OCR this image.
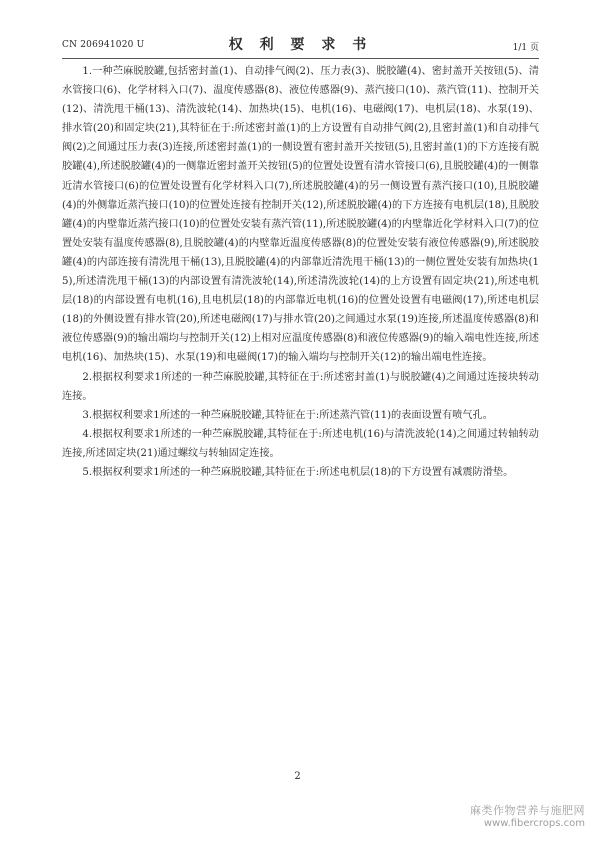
CN 206941020 U	权 利 要 求 书	1/1 页

1.一种苎麻脱胶罐,包括密封盖(1)、自动排气阀(2)、压力表(3)、脱胶罐(4)、密封盖开关按钮(5)、清水管接口(6)、化学材料入口(7)、温度传感器(8)、液位传感器(9)、蒸汽接口(10)、蒸汽管(11)、控制开关(12)、清洗甩干桶(13)、清洗波轮(14)、加热块(15)、电机(16)、电磁阀(17)、电机层(18)、水泵(19)、排水管(20)和固定块(21),其特征在于:所述密封盖(1)的上方设置有自动排气阀(2),且密封盖(1)和自动排气阀(2)之间通过压力表(3)连接,所述密封盖(1)的一侧设置有密封盖开关按钮(5),且密封盖(1)的下方连接有脱胶罐(4),所述脱胶罐(4)的一侧靠近密封盖开关按钮(5)的位置处设置有清水管接口(6),且脱胶罐(4)的一侧靠近清水管接口(6)的位置处设置有化学材料入口(7),所述脱胶罐(4)的另一侧设置有蒸汽接口(10),且脱胶罐(4)的外侧靠近蒸汽接口(10)的位置处连接有控制开关(12),所述脱胶罐(4)的下方连接有电机层(18),且脱胶罐(4)的内壁靠近蒸汽接口(10)的位置处安装有蒸汽管(11),所述脱胶罐(4)的内壁靠近化学材料入口(7)的位置处安装有温度传感器(8),且脱胶罐(4)的内壁靠近温度传感器(8)的位置处安装有液位传感器(9),所述脱胶罐(4)的内部连接有清洗甩干桶(13),且脱胶罐(4)的内部靠近清洗甩干桶(13)的一侧位置处安装有加热块(15),所述清洗甩干桶(13)的内部设置有清洗波轮(14),所述清洗波轮(14)的上方设置有固定块(21),所述电机层(18)的内部设置有电机(16),且电机层(18)的内部靠近电机(16)的位置处设置有电磁阀(17),所述电机层(18)的外侧设置有排水管(20),所述电磁阀(17)与排水管(20)之间通过水泵(19)连接,所述温度传感器(8)和液位传感器(9)的输出端均与控制开关(12)上相对应温度传感器(8)和液位传感器(9)的输入端电性连接,所述电机(16)、加热块(15)、水泵(19)和电磁阀(17)的输入端均与控制开关(12)的输出端电性连接。

2.根据权利要求1所述的一种苎麻脱胶罐,其特征在于:所述密封盖(1)与脱胶罐(4)之间通过连接块转动连接。

3.根据权利要求1所述的一种苎麻脱胶罐,其特征在于:所述蒸汽管(11)的表面设置有喷气孔。

4.根据权利要求1所述的一种苎麻脱胶罐,其特征在于:所述电机(16)与清洗波轮(14)之间通过转轴转动连接,所述固定块(21)通过螺纹与转轴固定连接。

5.根据权利要求1所述的一种苎麻脱胶罐,其特征在于:所述电机层(18)的下方设置有减震防滑垫。

2
麻类作物营养与施肥网
www.fibercrops.com
